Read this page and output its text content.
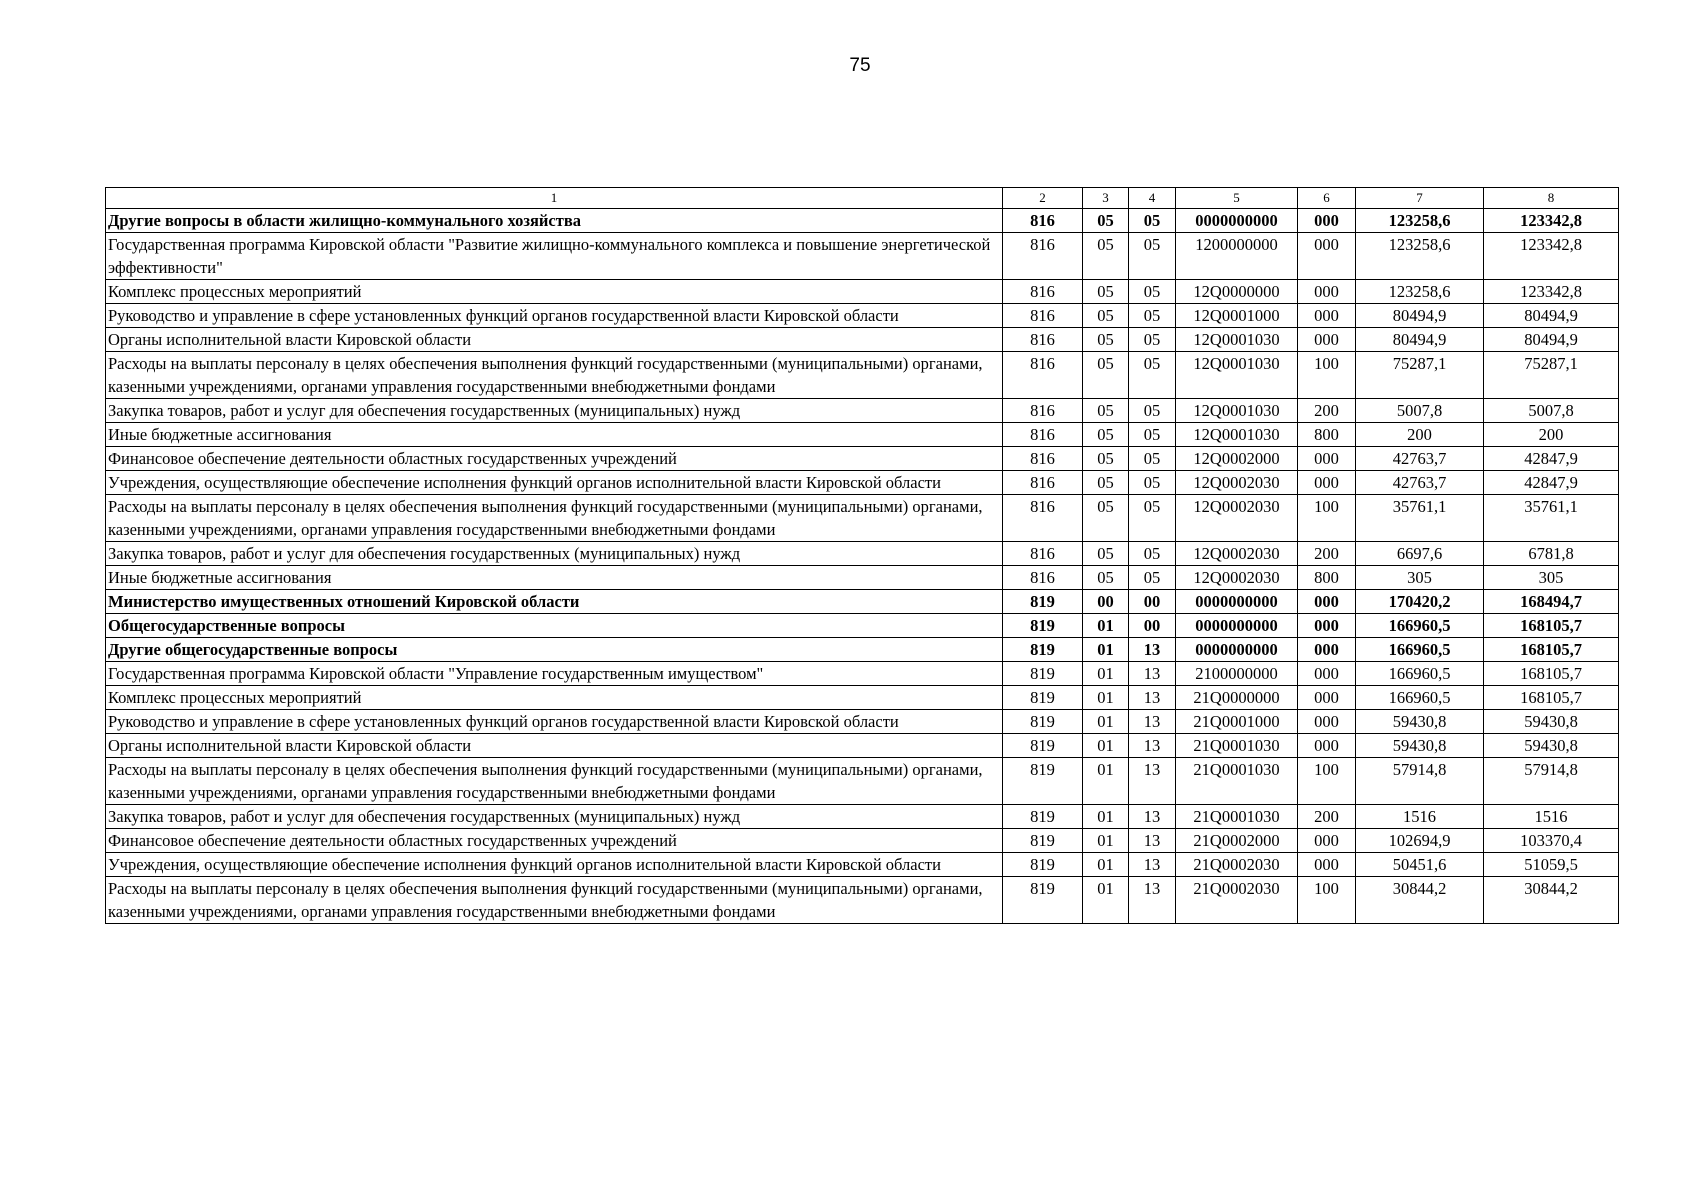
75
1	2	3	4	5	6	7	8
Другие вопросы в области жилищно-коммунального хозяйства	816	05	05	0000000000	000	123258,6	123342,8
Государственная программа Кировской области "Развитие жилищно-коммунального комплекса и повышение энергетической эффективности"	816	05	05	1200000000	000	123258,6	123342,8
Комплекс процессных мероприятий	816	05	05	12Q0000000	000	123258,6	123342,8
Руководство и управление в сфере установленных функций органов государственной власти Кировской области	816	05	05	12Q0001000	000	80494,9	80494,9
Органы исполнительной власти Кировской области	816	05	05	12Q0001030	000	80494,9	80494,9
Расходы на выплаты персоналу в целях обеспечения выполнения функций государственными (муниципальными) органами, казенными учреждениями, органами управления государственными внебюджетными фондами	816	05	05	12Q0001030	100	75287,1	75287,1
Закупка товаров, работ и услуг для обеспечения государственных (муниципальных) нужд	816	05	05	12Q0001030	200	5007,8	5007,8
Иные бюджетные ассигнования	816	05	05	12Q0001030	800	200	200
Финансовое обеспечение деятельности областных государственных учреждений	816	05	05	12Q0002000	000	42763,7	42847,9
Учреждения, осуществляющие обеспечение исполнения функций органов исполнительной власти Кировской области	816	05	05	12Q0002030	000	42763,7	42847,9
Расходы на выплаты персоналу в целях обеспечения выполнения функций государственными (муниципальными) органами, казенными учреждениями, органами управления государственными внебюджетными фондами	816	05	05	12Q0002030	100	35761,1	35761,1
Закупка товаров, работ и услуг для обеспечения государственных (муниципальных) нужд	816	05	05	12Q0002030	200	6697,6	6781,8
Иные бюджетные ассигнования	816	05	05	12Q0002030	800	305	305
Министерство имущественных отношений Кировской области	819	00	00	0000000000	000	170420,2	168494,7
Общегосударственные вопросы	819	01	00	0000000000	000	166960,5	168105,7
Другие общегосударственные вопросы	819	01	13	0000000000	000	166960,5	168105,7
Государственная программа Кировской области "Управление государственным имуществом"	819	01	13	2100000000	000	166960,5	168105,7
Комплекс процессных мероприятий	819	01	13	21Q0000000	000	166960,5	168105,7
Руководство и управление в сфере установленных функций органов государственной власти Кировской области	819	01	13	21Q0001000	000	59430,8	59430,8
Органы исполнительной власти Кировской области	819	01	13	21Q0001030	000	59430,8	59430,8
Расходы на выплаты персоналу в целях обеспечения выполнения функций государственными (муниципальными) органами, казенными учреждениями, органами управления государственными внебюджетными фондами	819	01	13	21Q0001030	100	57914,8	57914,8
Закупка товаров, работ и услуг для обеспечения государственных (муниципальных) нужд	819	01	13	21Q0001030	200	1516	1516
Финансовое обеспечение деятельности областных государственных учреждений	819	01	13	21Q0002000	000	102694,9	103370,4
Учреждения, осуществляющие обеспечение исполнения функций органов исполнительной власти Кировской области	819	01	13	21Q0002030	000	50451,6	51059,5
Расходы на выплаты персоналу в целях обеспечения выполнения функций государственными (муниципальными) органами, казенными учреждениями, органами управления государственными внебюджетными фондами	819	01	13	21Q0002030	100	30844,2	30844,2
